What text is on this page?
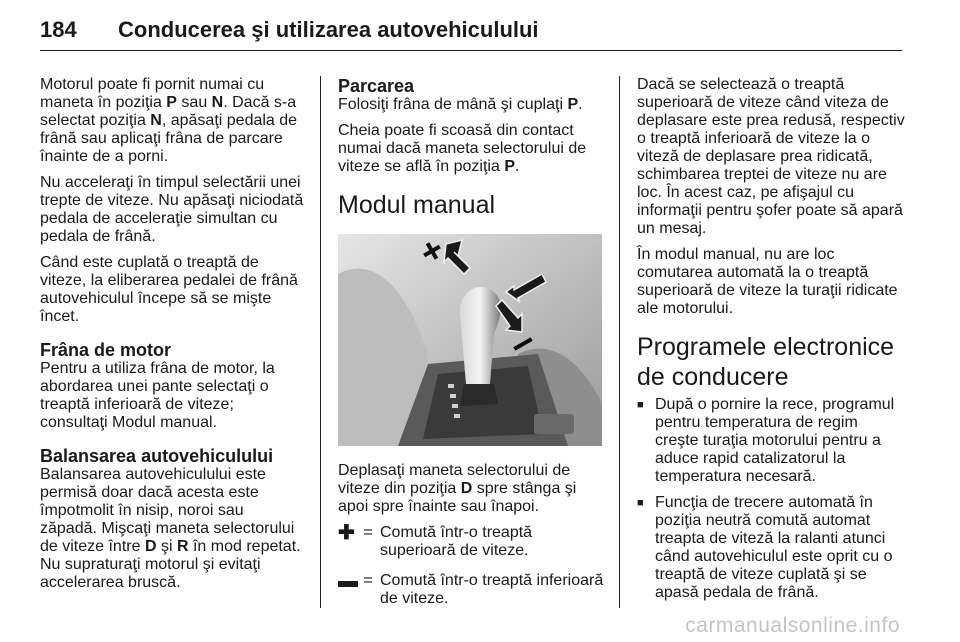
184	Conducerea şi utilizarea autovehiculului

Motorul poate fi pornit numai cu maneta în poziţia P sau N. Dacă s-a selectat poziţia N, apăsaţi pedala de frână sau aplicaţi frâna de parcare înainte de a porni.

Nu acceleraţi în timpul selectării unei trepte de viteze. Nu apăsaţi niciodată pedala de acceleraţie simultan cu pedala de frână.

Când este cuplată o treaptă de viteze, la eliberarea pedalei de frână autovehiculul începe să se mişte încet.

Frâna de motor

Pentru a utiliza frâna de motor, la abordarea unei pante selectaţi o treaptă inferioară de viteze; consultaţi Modul manual.

Balansarea autovehiculului

Balansarea autovehiculului este permisă doar dacă acesta este împotmolit în nisip, noroi sau zăpadă. Mişcaţi maneta selectorului de viteze între D şi R în mod repetat. Nu supraturaţi motorul şi evitaţi accelerarea bruscă.

Parcarea

Folosiţi frâna de mână şi cuplaţi P.

Cheia poate fi scoasă din contact numai dacă maneta selectorului de viteze se află în poziţia P.

Modul manual

Deplasaţi maneta selectorului de viteze din poziţia D spre stânga şi apoi spre înainte sau înapoi.

✚ = Comută într-o treaptă superioară de viteze.
▬ = Comută într-o treaptă inferioară de viteze.

Dacă se selectează o treaptă superioară de viteze când viteza de deplasare este prea redusă, respectiv o treaptă inferioară de viteze la o viteză de deplasare prea ridicată, schimbarea treptei de viteze nu are loc. În acest caz, pe afişajul cu informaţii pentru şofer poate să apară un mesaj.

În modul manual, nu are loc comutarea automată la o treaptă superioară de viteze la turaţii ridicate ale motorului.

Programele electronice de conducere
■ După o pornire la rece, programul pentru temperatura de regim creşte turaţia motorului pentru a aduce rapid catalizatorul la temperatura necesară.
■ Funcţia de trecere automată în poziţia neutră comută automat treapta de viteză la ralanti atunci când autovehiculul este oprit cu o treaptă de viteze cuplată şi se apasă pedala de frână.
carmanualsonline.info
